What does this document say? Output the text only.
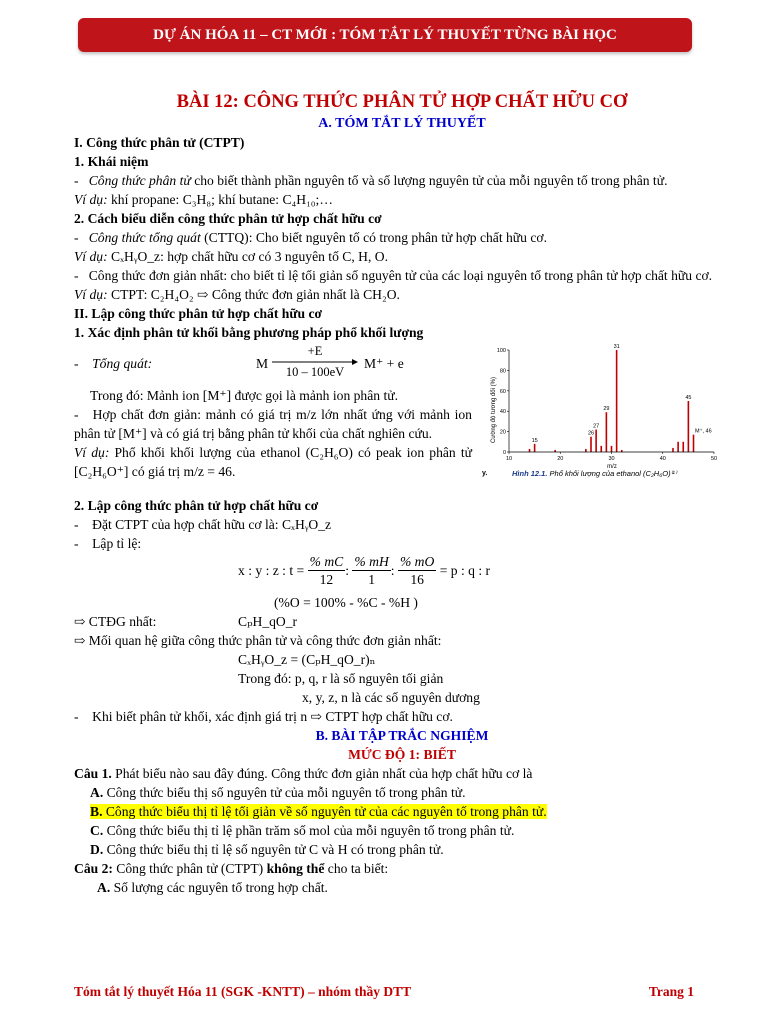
DỰ ÁN HÓA 11 – CT MỚI : TÓM TẮT LÝ THUYẾT TỪNG BÀI HỌC
BÀI 12: CÔNG THỨC PHÂN TỬ HỢP CHẤT HỮU CƠ
A. TÓM TẮT LÝ THUYẾT
I. Công thức phân tử (CTPT)
1. Khái niệm
-   Công thức phân tử cho biết thành phần nguyên tố và số lượng nguyên tử của mỗi nguyên tố trong phân tử.
Ví dụ: khí propane: C₃H₈; khí butane: C₄H₁₀;…
2. Cách biểu diễn công thức phân tử hợp chất hữu cơ
-   Công thức tổng quát (CTTQ): Cho biết nguyên tố có trong phân tử hợp chất hữu cơ.
Ví dụ: CₓHᵧO_z: hợp chất hữu cơ có 3 nguyên tố C, H, O.
-   Công thức đơn giản nhất: cho biết tỉ lệ tối giản số nguyên tử của các loại nguyên tố trong phân tử hợp chất hữu cơ.
Ví dụ: CTPT: C₂H₄O₂ ⇨ Công thức đơn giản nhất là CH₂O.
II. Lập công thức phân tử hợp chất hữu cơ
1. Xác định phân tử khối bằng phương pháp phổ khối lượng
-    Tổng quát:	M
+E
10 – 100eV
M⁺ + e
Trong đó: Mảnh ion [M⁺] được gọi là mảnh ion phân tử.
-   Hợp chất đơn giản: mảnh có giá trị m/z lớn nhất ứng với mảnh ion phân tử [M⁺] và có giá trị bằng phân tử khối của chất nghiên cứu.
Ví dụ: Phổ khối khối lượng của ethanol (C₂H₆O) có peak ion phân tử [C₂H₆O⁺] có giá trị m/z = 46.
Cường độ tương đối (%)
0
20
40
60
80
100
10	20	30	40	50
15
26
27
29
31
45
M⁺, 46
m/z
y.	Hình 12.1. Phổ khối lượng của ethanol (C₂H₆O)⁽¹⁾
2. Lập công thức phân tử hợp chất hữu cơ
-    Đặt CTPT của hợp chất hữu cơ là: CₓHᵧO_z
-    Lập tỉ lệ:
x : y : z : $t = \frac{\% mC}{12}$ : $\frac{\% mH}{1}$ : $\frac{\% mO}{16} = p$ : q : r
(%O = 100% - %C - %H )
⇨ CTĐG nhất:	CₚH_qO_r
⇨ Mối quan hệ giữa công thức phân tử và công thức đơn giản nhất:
CₓHᵧO_z = (CₚH_qO_r)ₙ
Trong đó: p, q, r là số nguyên tối giản
x, y, z, n là các số nguyên dương
-    Khi biết phân tử khối, xác định giá trị n ⇨ CTPT hợp chất hữu cơ.
B. BÀI TẬP TRẮC NGHIỆM
MỨC ĐỘ 1: BIẾT
Câu 1. Phát biểu nào sau đây đúng. Công thức đơn giản nhất của hợp chất hữu cơ là
A. Công thức biểu thị số nguyên tử của mỗi nguyên tố trong phân tử.
B. Công thức biểu thị tỉ lệ tối giản về số nguyên tử của các nguyên tố trong phân tử.
C. Công thức biểu thị tỉ lệ phần trăm số mol của mỗi nguyên tố trong phân tử.
D. Công thức biểu thị tỉ lệ số nguyên tử C và H có trong phân tử.
Câu 2: Công thức phân tử (CTPT) không thể cho ta biết:
A. Số lượng các nguyên tố trong hợp chất.
Tóm tắt lý thuyết Hóa 11 (SGK -KNTT) – nhóm thầy DTT	Trang 1
